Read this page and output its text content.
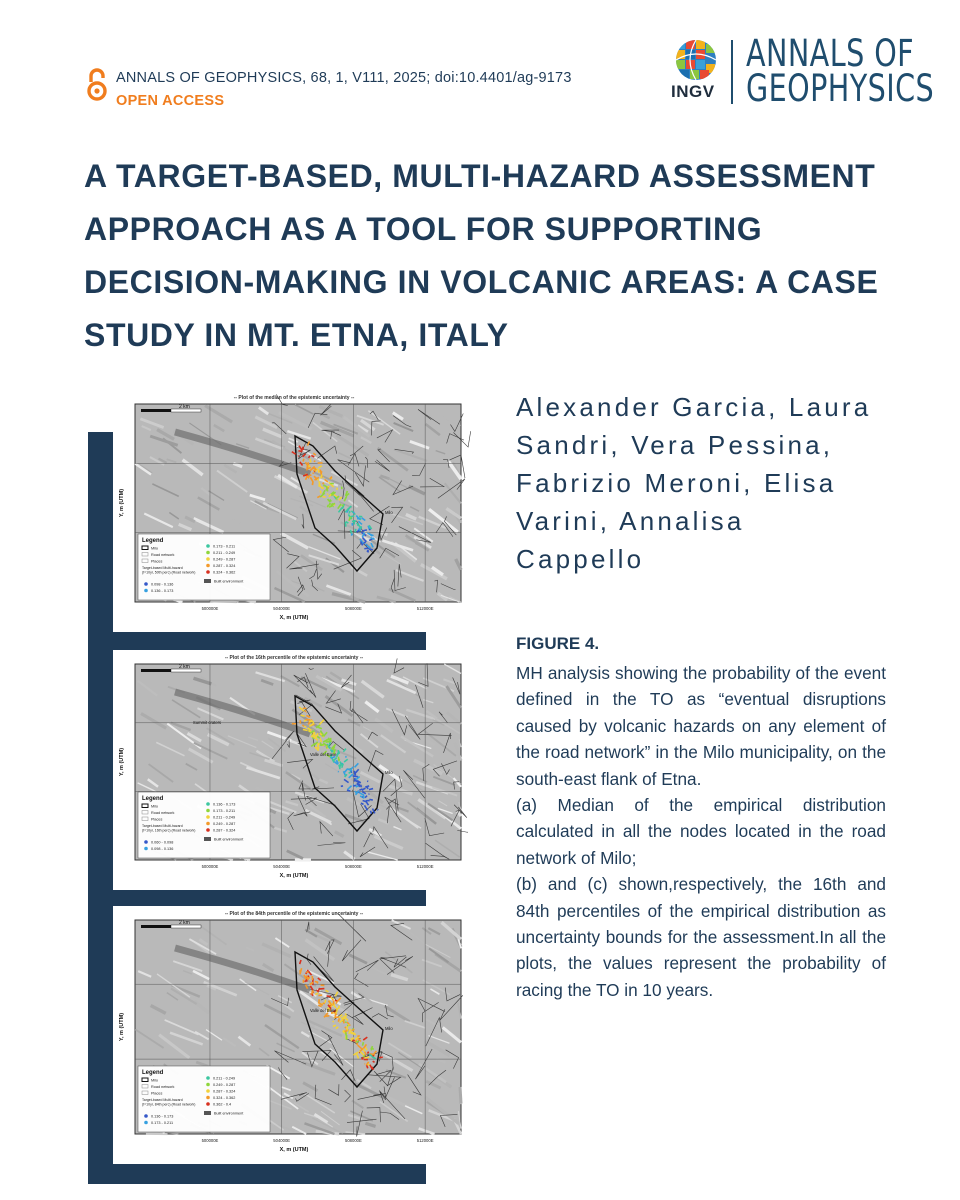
ANNALS OF GEOPHYSICS, 68, 1, V111, 2025; doi:10.4401/ag-9173
OPEN ACCESS	INGV
ANNALS OF
GEOPHYSICS
A TARGET-BASED, MULTI-HAZARD ASSESSMENT APPROACH AS A TOOL FOR SUPPORTING DECISION-MAKING IN VOLCANIC AREAS: A CASE STUDY IN MT. ETNA, ITALY
-- Plot of the median of the epistemic uncertainty --
2 km
Milo
Legend
Milo
Road network
Places
Target-based Multi-hazard (t=10yr, 50th perc) (Road network)
0.098 - 0.136
0.136 - 0.173
0.173 - 0.211
0.211 - 0.249
0.249 - 0.287
0.287 - 0.324
0.324 - 0.362
Built environment
Y, m (UTM)
500000E	504000E	508000E	512000E
X, m (UTM)
-- Plot of the 16th percentile of the epistemic uncertainty --
2 km
Summit craters
Valle del Bove
Milo
Legend
Milo
Road network
Places
Target-based Multi-hazard (t=10yr, 16th perc) (Road network)
0.060 - 0.098
0.098 - 0.136
0.136 - 0.173
0.173 - 0.211
0.211 - 0.249
0.249 - 0.287
0.287 - 0.324
Built environment
Y, m (UTM)
500000E	504000E	508000E	512000E
X, m (UTM)
-- Plot of the 84th percentile of the epistemic uncertainty --
2 km
Valle del Bove
Milo
Legend
Milo
Road network
Places
Target-based Multi-hazard (t=10yr, 84th perc) (Road network)
0.136 - 0.173
0.173 - 0.211
0.211 - 0.249
0.249 - 0.287
0.287 - 0.324
0.324 - 0.362
0.362 - 0.4
Built environment
Y, m (UTM)
500000E	504000E	508000E	512000E
X, m (UTM)
Alexander Garcia, Laura Sandri, Vera Pessina, Fabrizio Meroni, Elisa Varini, Annalisa Cappello
FIGURE 4.

MH analysis showing the probability of the event defined in the TO as “eventual disruptions caused by volcanic hazards on any element of the road network” in the Milo municipality, on the south-east flank of Etna.

(a) Median of the empirical distribution calculated in all the nodes located in the road network of Milo;

(b) and (c) shown,respectively, the 16th and 84th percentiles of the empirical distribution as uncertainty bounds for the assessment.In all the plots, the values represent the probability of racing the TO in 10 years.
